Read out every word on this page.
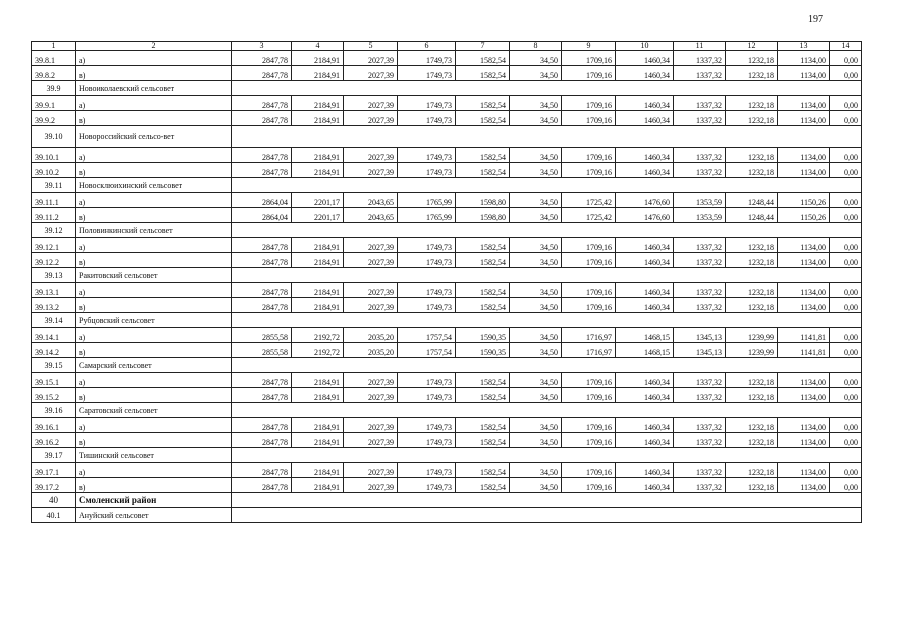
197
1	2	3	4	5	6	7	8	9	10	11	12	13	14
39.8.1	а)	2847,78	2184,91	2027,39	1749,73	1582,54	34,50	1709,16	1460,34	1337,32	1232,18	1134,00	0,00
39.8.2	в)	2847,78	2184,91	2027,39	1749,73	1582,54	34,50	1709,16	1460,34	1337,32	1232,18	1134,00	0,00
39.9	Новоиколаевский сельсовет												
39.9.1	а)	2847,78	2184,91	2027,39	1749,73	1582,54	34,50	1709,16	1460,34	1337,32	1232,18	1134,00	0,00
39.9.2	в)	2847,78	2184,91	2027,39	1749,73	1582,54	34,50	1709,16	1460,34	1337,32	1232,18	1134,00	0,00
39.10	Новороссийский сельсо-вет												
39.10.1	а)	2847,78	2184,91	2027,39	1749,73	1582,54	34,50	1709,16	1460,34	1337,32	1232,18	1134,00	0,00
39.10.2	в)	2847,78	2184,91	2027,39	1749,73	1582,54	34,50	1709,16	1460,34	1337,32	1232,18	1134,00	0,00
39.11	Новосклюихинский сельсовет												
39.11.1	а)	2864,04	2201,17	2043,65	1765,99	1598,80	34,50	1725,42	1476,60	1353,59	1248,44	1150,26	0,00
39.11.2	в)	2864,04	2201,17	2043,65	1765,99	1598,80	34,50	1725,42	1476,60	1353,59	1248,44	1150,26	0,00
39.12	Половинкинский сельсовет												
39.12.1	а)	2847,78	2184,91	2027,39	1749,73	1582,54	34,50	1709,16	1460,34	1337,32	1232,18	1134,00	0,00
39.12.2	в)	2847,78	2184,91	2027,39	1749,73	1582,54	34,50	1709,16	1460,34	1337,32	1232,18	1134,00	0,00
39.13	Ракитовский сельсовет												
39.13.1	а)	2847,78	2184,91	2027,39	1749,73	1582,54	34,50	1709,16	1460,34	1337,32	1232,18	1134,00	0,00
39.13.2	в)	2847,78	2184,91	2027,39	1749,73	1582,54	34,50	1709,16	1460,34	1337,32	1232,18	1134,00	0,00
39.14	Рубцовский сельсовет												
39.14.1	а)	2855,58	2192,72	2035,20	1757,54	1590,35	34,50	1716,97	1468,15	1345,13	1239,99	1141,81	0,00
39.14.2	в)	2855,58	2192,72	2035,20	1757,54	1590,35	34,50	1716,97	1468,15	1345,13	1239,99	1141,81	0,00
39.15	Самарский сельсовет												
39.15.1	а)	2847,78	2184,91	2027,39	1749,73	1582,54	34,50	1709,16	1460,34	1337,32	1232,18	1134,00	0,00
39.15.2	в)	2847,78	2184,91	2027,39	1749,73	1582,54	34,50	1709,16	1460,34	1337,32	1232,18	1134,00	0,00
39.16	Саратовский сельсовет												
39.16.1	а)	2847,78	2184,91	2027,39	1749,73	1582,54	34,50	1709,16	1460,34	1337,32	1232,18	1134,00	0,00
39.16.2	в)	2847,78	2184,91	2027,39	1749,73	1582,54	34,50	1709,16	1460,34	1337,32	1232,18	1134,00	0,00
39.17	Тишинский сельсовет												
39.17.1	а)	2847,78	2184,91	2027,39	1749,73	1582,54	34,50	1709,16	1460,34	1337,32	1232,18	1134,00	0,00
39.17.2	в)	2847,78	2184,91	2027,39	1749,73	1582,54	34,50	1709,16	1460,34	1337,32	1232,18	1134,00	0,00
40	Смоленский район												
40.1	Ануйский сельсовет												
